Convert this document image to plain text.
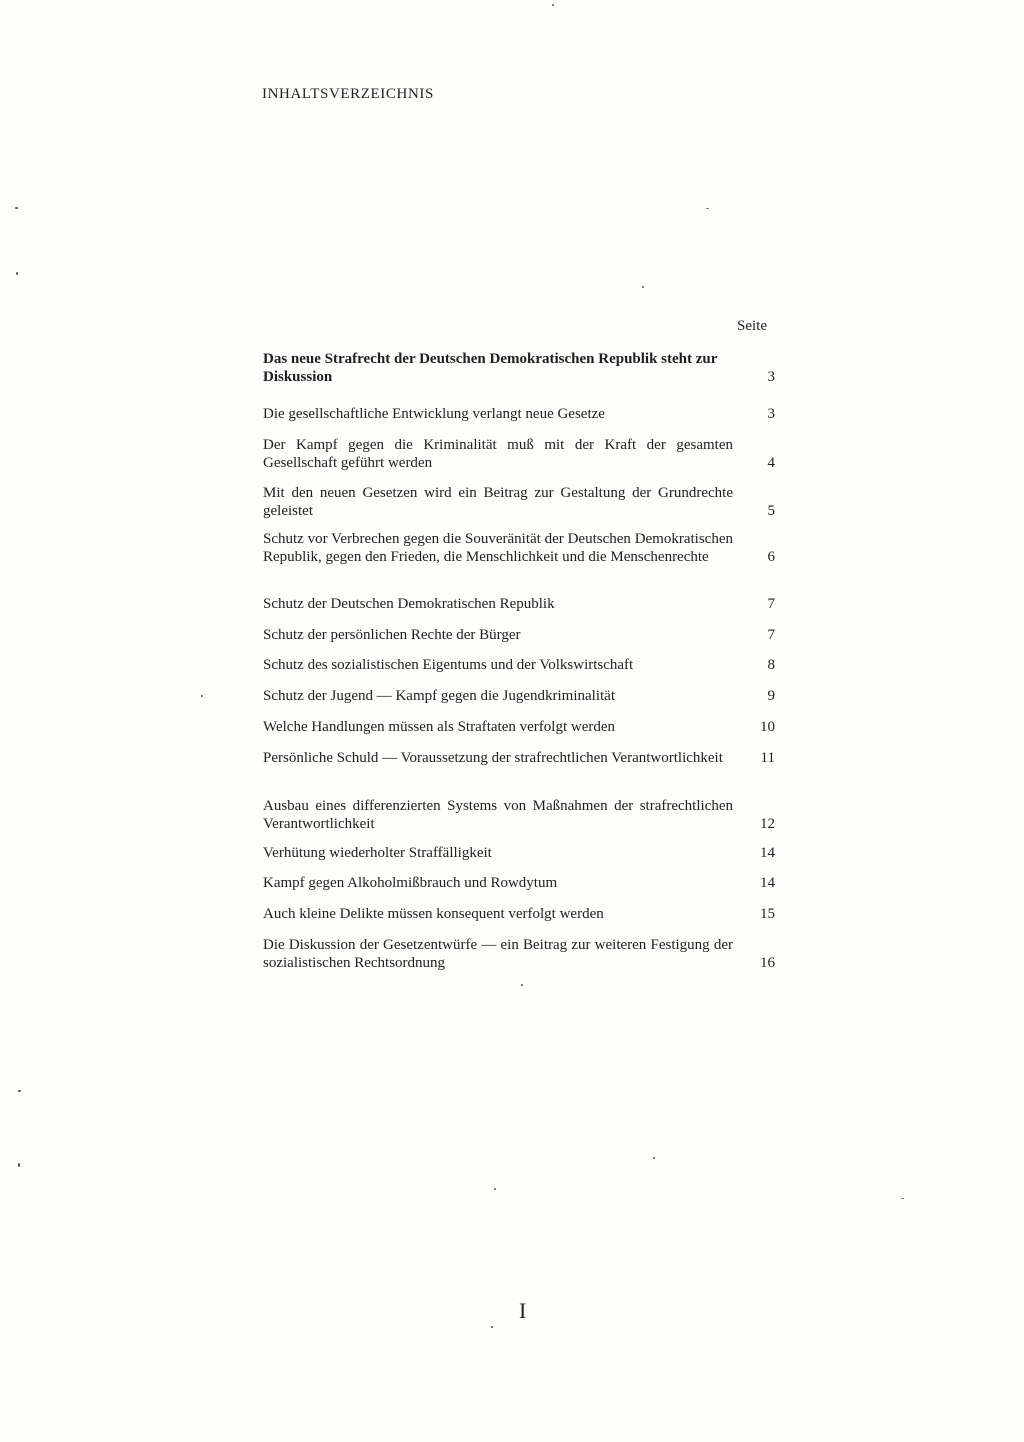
INHALTSVERZEICHNIS
Seite
Das neue Strafrecht der Deutschen Demokratischen Republik steht zur Diskussion	3
Die gesellschaftliche Entwicklung verlangt neue Gesetze	3
Der Kampf gegen die Kriminalität muß mit der Kraft der gesamten Gesellschaft geführt werden	4
Mit den neuen Gesetzen wird ein Beitrag zur Gestaltung der Grundrechte geleistet	5
Schutz vor Verbrechen gegen die Souveränität der Deutschen Demokratischen Republik, gegen den Frieden, die Menschlichkeit und die Menschenrechte	6
Schutz der Deutschen Demokratischen Republik	7
Schutz der persönlichen Rechte der Bürger	7
Schutz des sozialistischen Eigentums und der Volkswirtschaft	8
Schutz der Jugend — Kampf gegen die Jugendkriminalität	9
Welche Handlungen müssen als Straftaten verfolgt werden	10
Persönliche Schuld — Voraussetzung der strafrechtlichen Verantwortlichkeit	11
Ausbau eines differenzierten Systems von Maßnahmen der strafrechtlichen Verantwortlichkeit	12
Verhütung wiederholter Straffälligkeit	14
Kampf gegen Alkoholmißbrauch und Rowdytum	14
Auch kleine Delikte müssen konsequent verfolgt werden	15
Die Diskussion der Gesetzentwürfe — ein Beitrag zur weiteren Festigung der sozialistischen Rechtsordnung	16
I
